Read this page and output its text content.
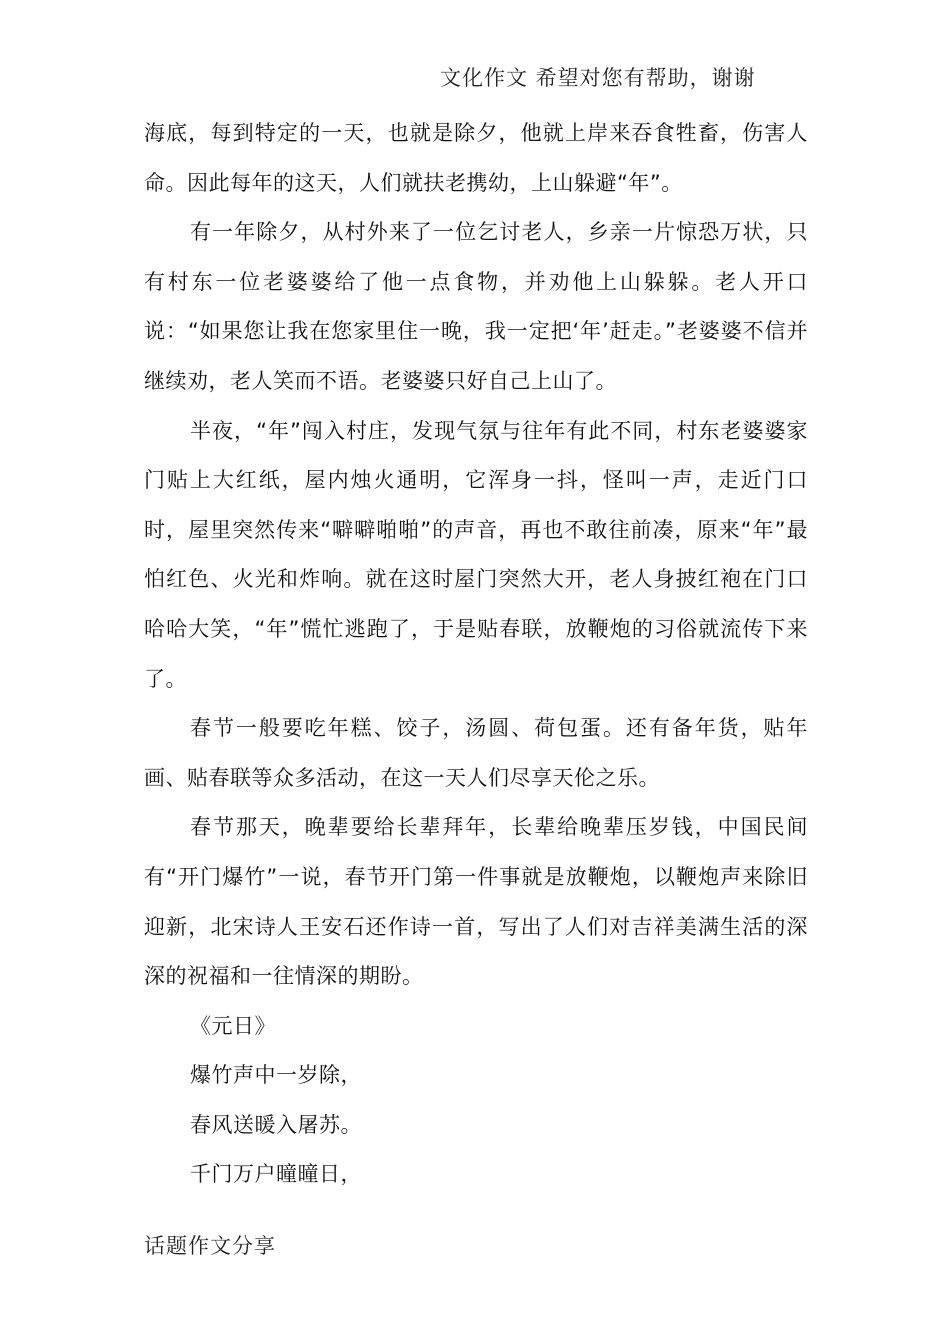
文化作文 希望对您有帮助，谢谢

海底，每到特定的一天，也就是除夕，他就上岸来吞食牲畜，伤害人命。因此每年的这天，人们就扶老携幼，上山躲避“年”。

有一年除夕，从村外来了一位乞讨老人，乡亲一片惊恐万状，只有村东一位老婆婆给了他一点食物，并劝他上山躲躲。老人开口说：“如果您让我在您家里住一晚，我一定把‘年’赶走。”老婆婆不信并继续劝，老人笑而不语。老婆婆只好自己上山了。

半夜，“年”闯入村庄，发现气氛与往年有此不同，村东老婆婆家门贴上大红纸，屋内烛火通明，它浑身一抖，怪叫一声，走近门口时，屋里突然传来“噼噼啪啪”的声音，再也不敢往前凑，原来“年”最怕红色、火光和炸响。就在这时屋门突然大开，老人身披红袍在门口哈哈大笑，“年”慌忙逃跑了，于是贴春联，放鞭炮的习俗就流传下来了。

春节一般要吃年糕、饺子，汤圆、荷包蛋。还有备年货，贴年画、贴春联等众多活动，在这一天人们尽享天伦之乐。

春节那天，晚辈要给长辈拜年，长辈给晚辈压岁钱，中国民间有“开门爆竹”一说，春节开门第一件事就是放鞭炮，以鞭炮声来除旧迎新，北宋诗人王安石还作诗一首，写出了人们对吉祥美满生活的深深的祝福和一往情深的期盼。

《元日》

爆竹声中一岁除，

春风送暖入屠苏。

千门万户曈曈日，

话题作文分享
